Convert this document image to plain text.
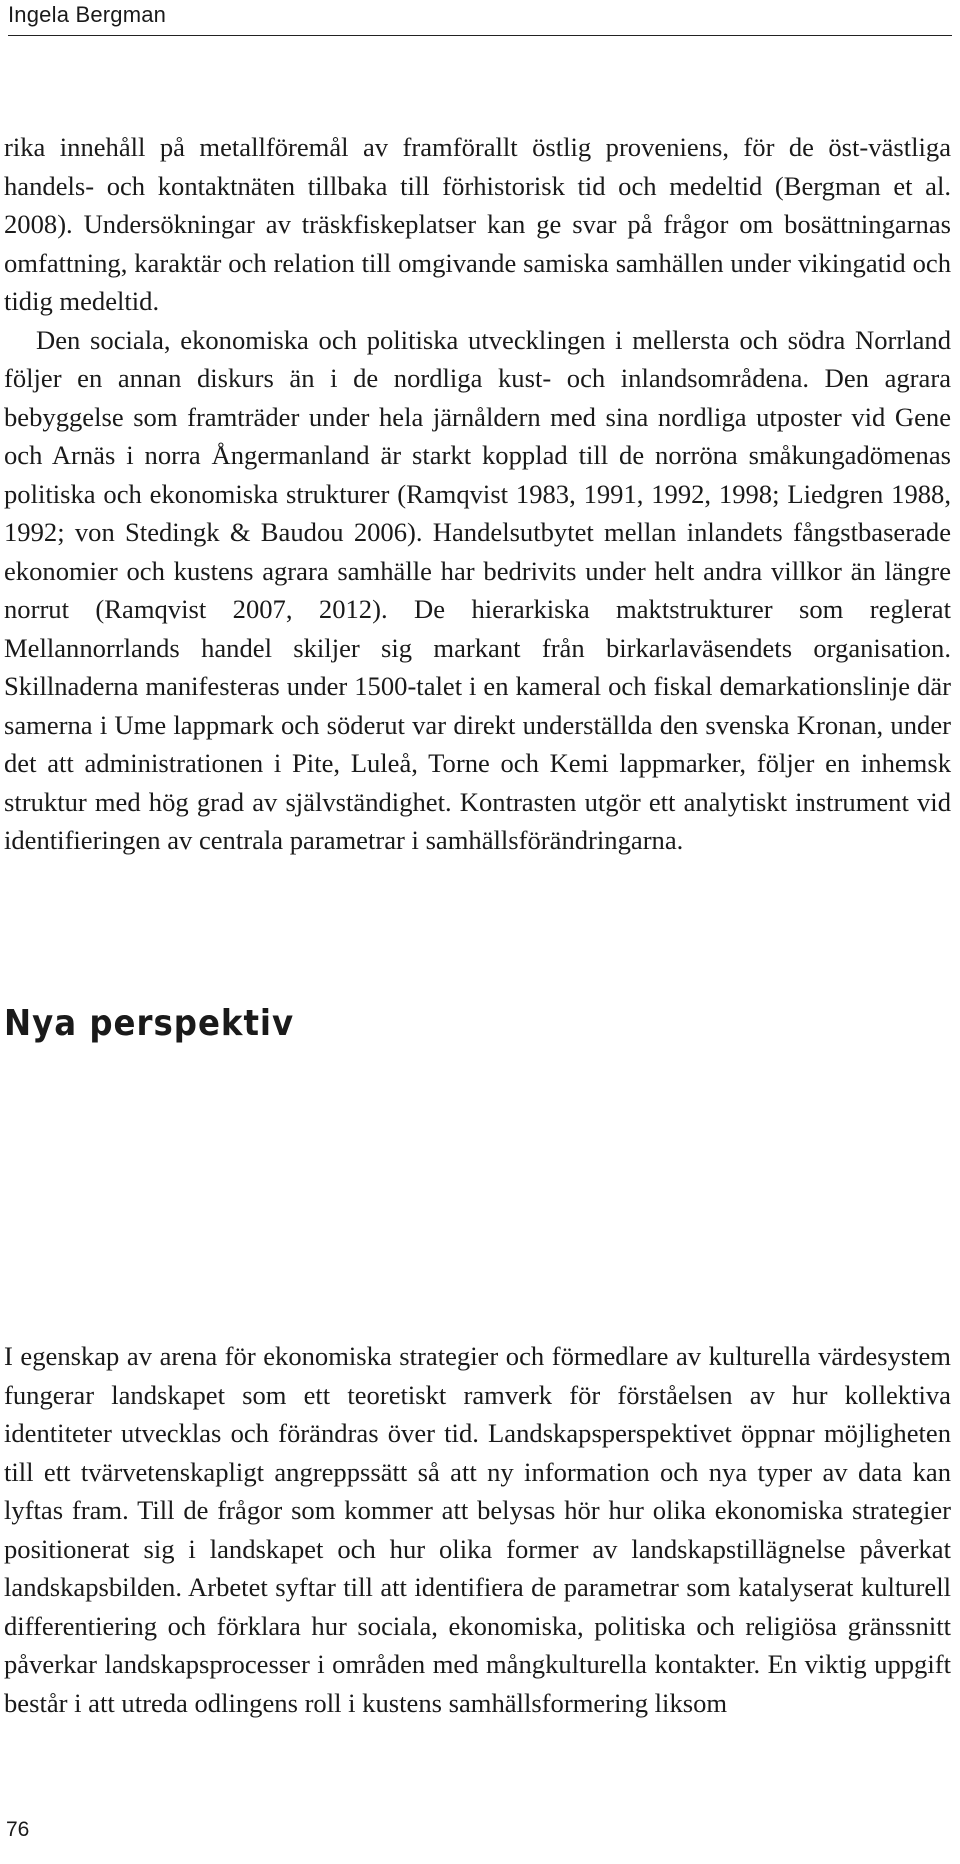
Ingela Bergman

rika innehåll på metallföremål av framförallt östlig proveniens, för de öst-västliga handels- och kontaktnäten tillbaka till förhistorisk tid och medeltid (Bergman et al. 2008). Undersökningar av träskfiskeplatser kan ge svar på frågor om bosättningarnas omfattning, karaktär och relation till omgivande samiska samhällen under vikingatid och tidig medeltid.

Den sociala, ekonomiska och politiska utvecklingen i mellersta och södra Norrland följer en annan diskurs än i de nordliga kust- och inlandsområdena. Den agrara bebyggelse som framträder under hela järnåldern med sina nordliga utposter vid Gene och Arnäs i norra Ångermanland är starkt kopplad till de norröna småkungadömenas politiska och ekonomiska strukturer (Ramqvist 1983, 1991, 1992, 1998; Liedgren 1988, 1992; von Stedingk & Baudou 2006). Handelsutbytet mellan inlandets fångstbaserade ekonomier och kustens agrara samhälle har bedrivits under helt andra villkor än längre norrut (Ramqvist 2007, 2012). De hierarkiska maktstrukturer som reglerat Mellannorrlands handel skiljer sig markant från birkarlaväsendets organisation. Skillnaderna manifesteras under 1500-talet i en kameral och fiskal demarkationslinje där samerna i Ume lappmark och söderut var direkt underställda den svenska Kronan, under det att administrationen i Pite, Luleå, Torne och Kemi lappmarker, följer en inhemsk struktur med hög grad av självständighet. Kontrasten utgör ett analytiskt instrument vid identifieringen av centrala parametrar i samhällsförändringarna.

Nya perspektiv

I egenskap av arena för ekonomiska strategier och förmedlare av kulturella värdesystem fungerar landskapet som ett teoretiskt ramverk för förståelsen av hur kollektiva identiteter utvecklas och förändras över tid. Landskapsperspektivet öppnar möjligheten till ett tvärvetenskapligt angreppssätt så att ny information och nya typer av data kan lyftas fram. Till de frågor som kommer att belysas hör hur olika ekonomiska strategier positionerat sig i landskapet och hur olika former av landskapstillägnelse påverkat landskapsbilden. Arbetet syftar till att identifiera de parametrar som katalyserat kulturell differentiering och förklara hur sociala, ekonomiska, politiska och religiösa gränssnitt påverkar landskapsprocesser i områden med mångkulturella kontakter. En viktig uppgift består i att utreda odlingens roll i kustens samhällsformering liksom

76
